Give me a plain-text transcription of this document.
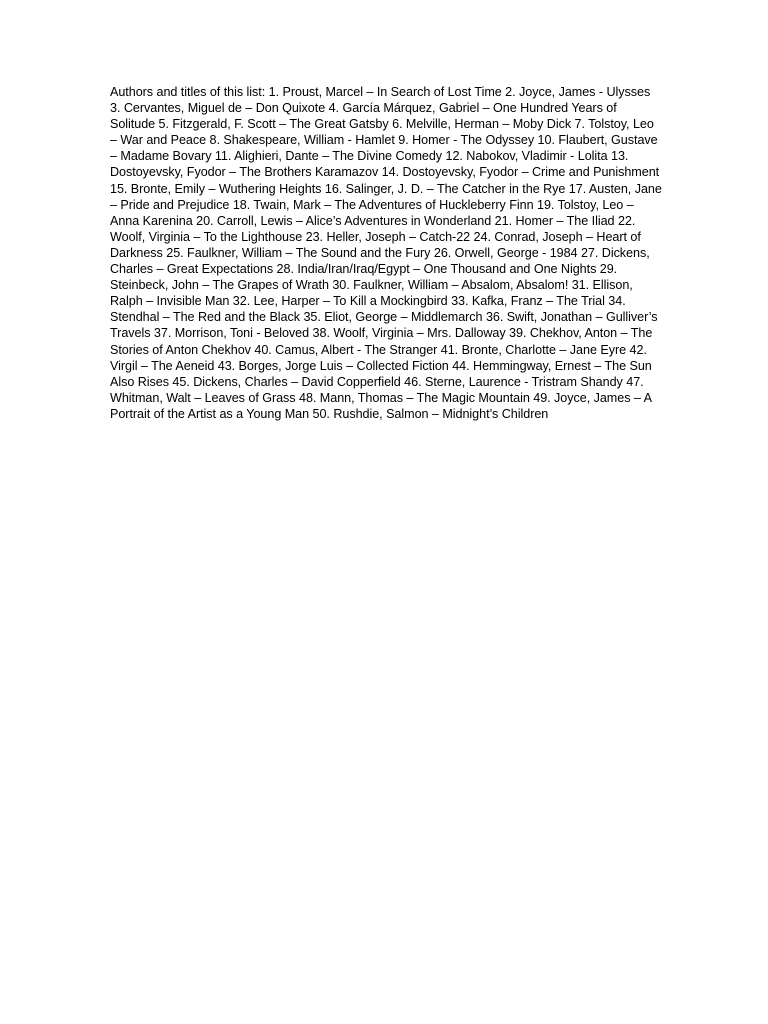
Authors and titles of this list: 1. Proust, Marcel – In Search of Lost Time 2. Joyce, James - Ulysses 3. Cervantes, Miguel de – Don Quixote 4. García Márquez, Gabriel – One Hundred Years of Solitude 5. Fitzgerald, F. Scott – The Great Gatsby 6. Melville, Herman – Moby Dick 7. Tolstoy, Leo – War and Peace 8. Shakespeare, William - Hamlet 9. Homer - The Odyssey 10. Flaubert, Gustave – Madame Bovary 11. Alighieri, Dante – The Divine Comedy 12. Nabokov, Vladimir - Lolita 13. Dostoyevsky, Fyodor – The Brothers Karamazov 14. Dostoyevsky, Fyodor – Crime and Punishment 15. Bronte, Emily – Wuthering Heights 16. Salinger, J. D. – The Catcher in the Rye 17. Austen, Jane – Pride and Prejudice 18. Twain, Mark – The Adventures of Huckleberry Finn 19. Tolstoy, Leo – Anna Karenina 20. Carroll, Lewis – Alice’s Adventures in Wonderland 21. Homer – The Iliad 22. Woolf, Virginia – To the Lighthouse 23. Heller, Joseph – Catch-22 24. Conrad, Joseph – Heart of Darkness 25. Faulkner, William – The Sound and the Fury 26. Orwell, George - 1984 27. Dickens, Charles – Great Expectations 28. India/Iran/Iraq/Egypt – One Thousand and One Nights 29. Steinbeck, John – The Grapes of Wrath 30. Faulkner, William – Absalom, Absalom! 31. Ellison, Ralph – Invisible Man 32. Lee, Harper – To Kill a Mockingbird 33. Kafka, Franz – The Trial 34. Stendhal – The Red and the Black 35. Eliot, George – Middlemarch 36. Swift, Jonathan – Gulliver’s Travels 37. Morrison, Toni - Beloved 38. Woolf, Virginia – Mrs. Dalloway 39. Chekhov, Anton – The Stories of Anton Chekhov 40. Camus, Albert - The Stranger 41. Bronte, Charlotte – Jane Eyre 42. Virgil – The Aeneid 43. Borges, Jorge Luis – Collected Fiction 44. Hemmingway, Ernest – The Sun Also Rises 45. Dickens, Charles – David Copperfield 46. Sterne, Laurence - Tristram Shandy 47. Whitman, Walt – Leaves of Grass 48. Mann, Thomas – The Magic Mountain 49. Joyce, James – A Portrait of the Artist as a Young Man 50. Rushdie, Salmon – Midnight’s Children
